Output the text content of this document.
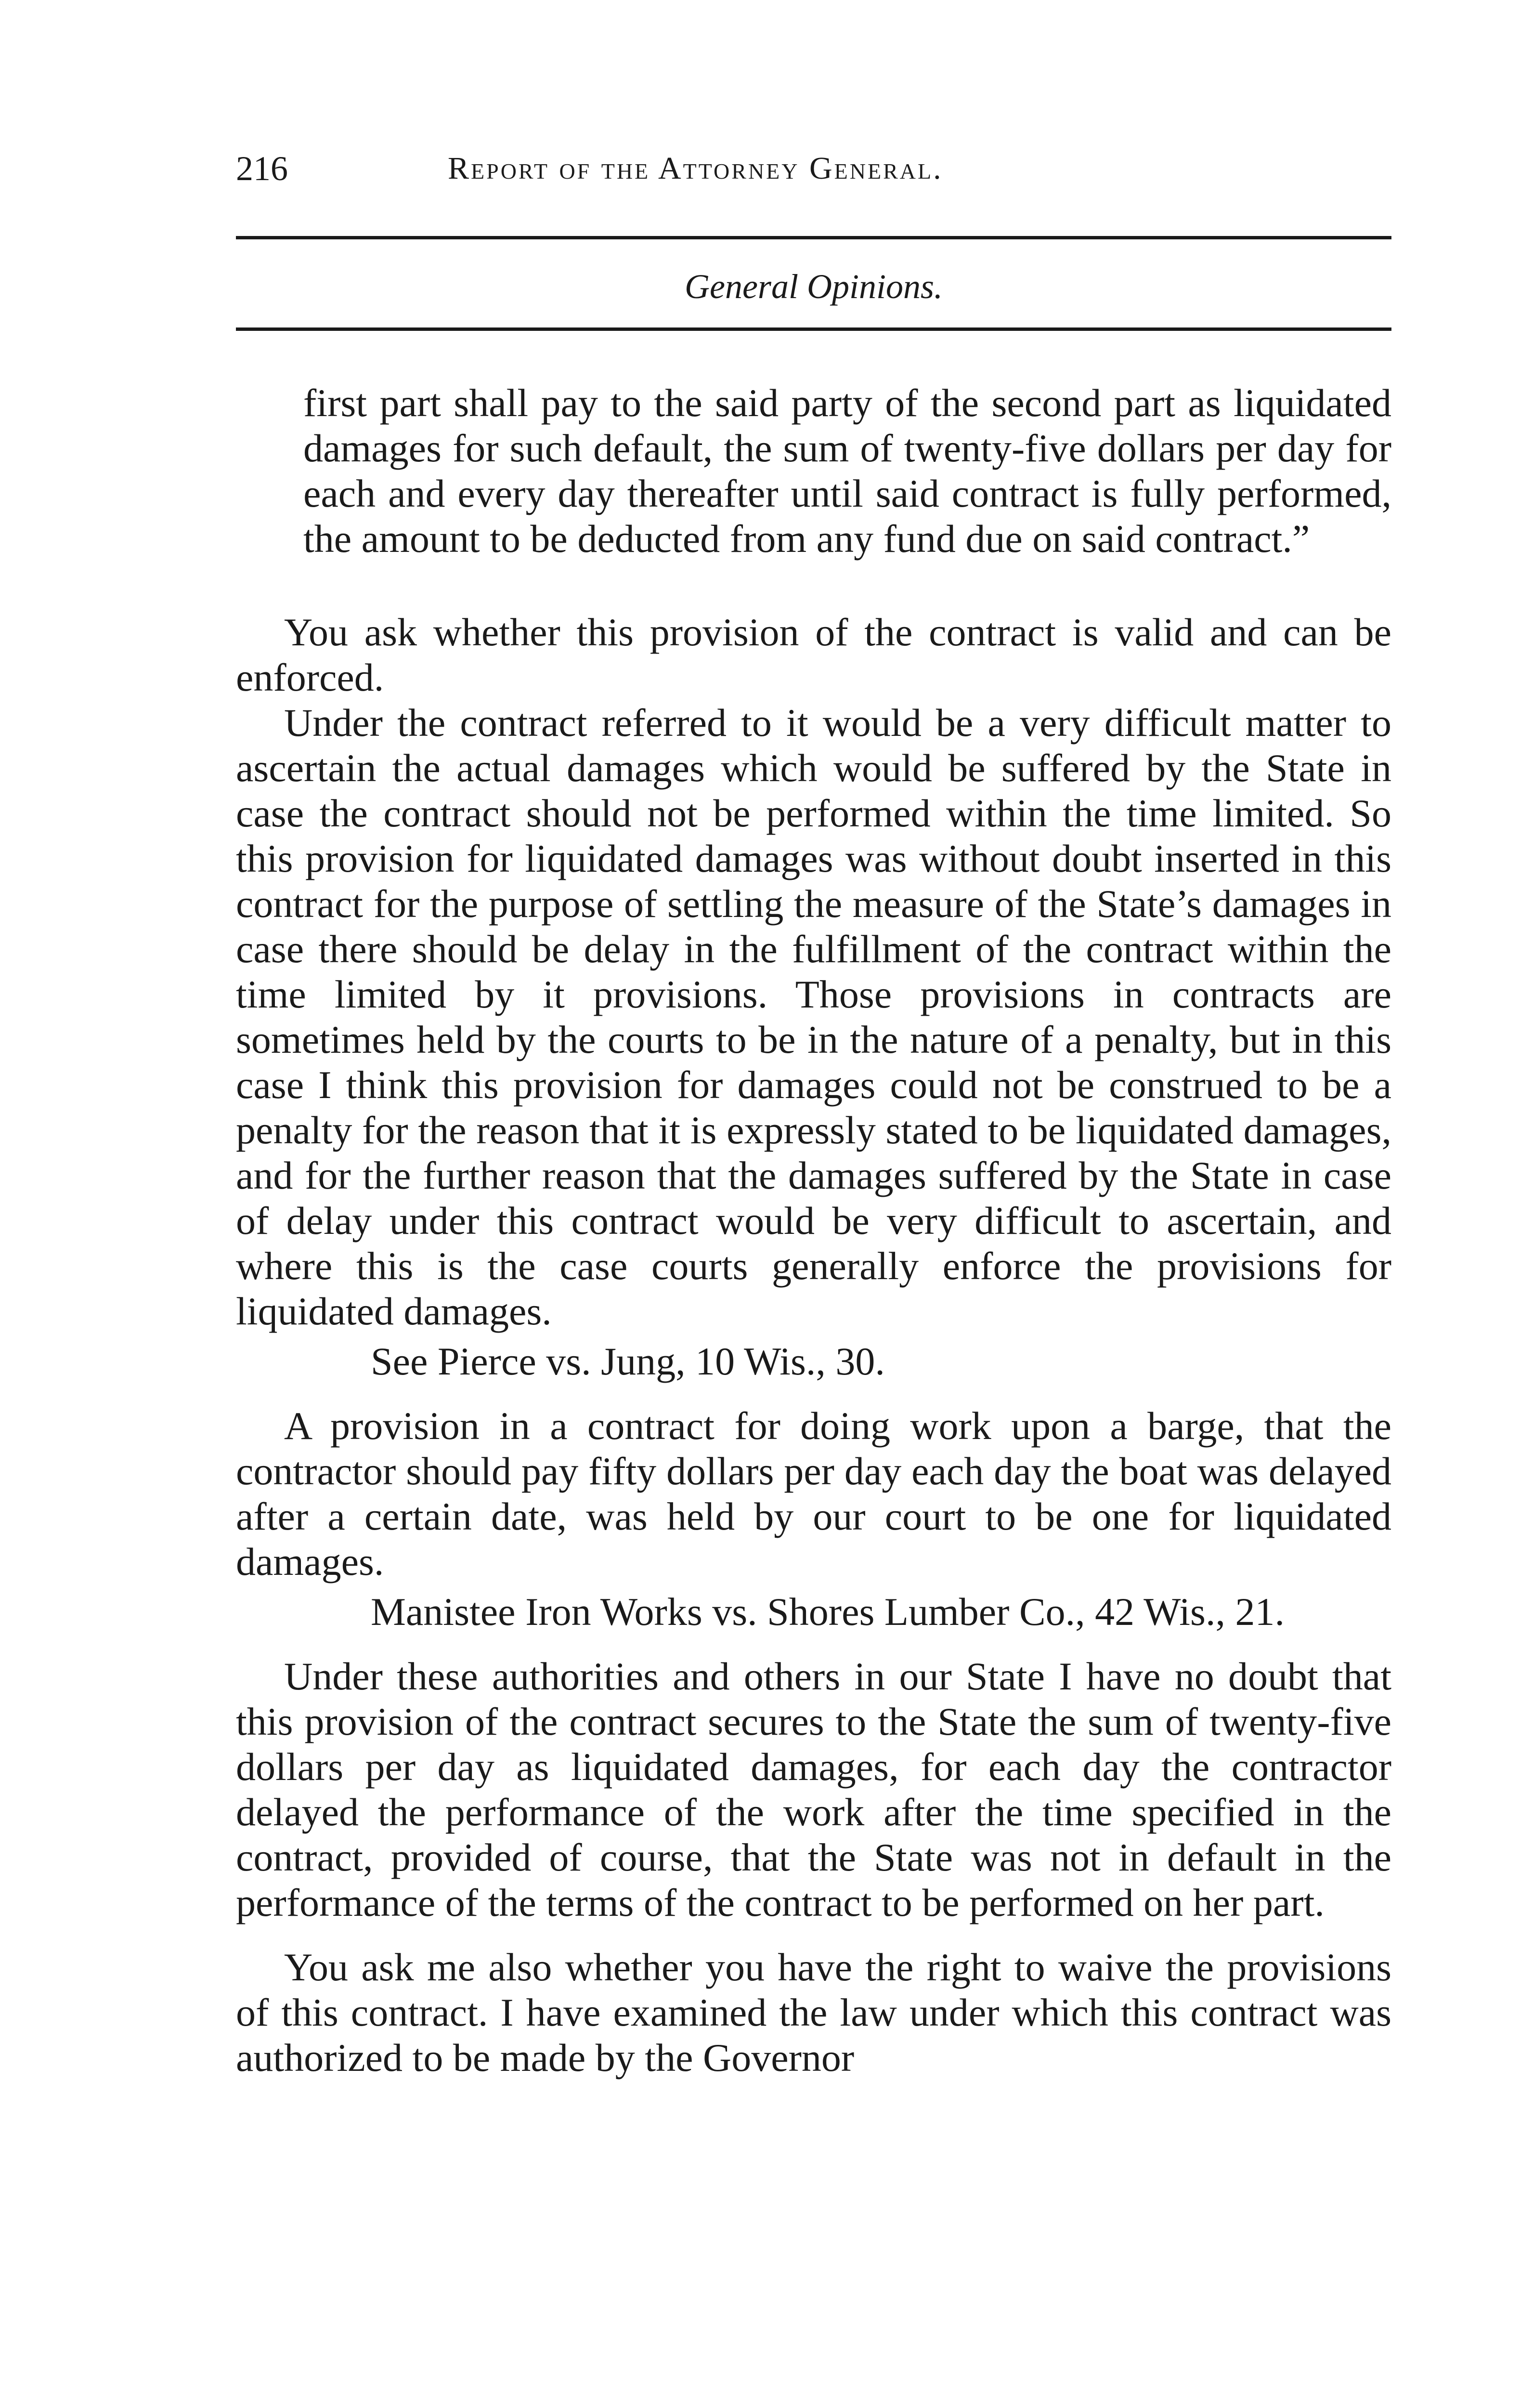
216	Report of the Attorney General.
General Opinions.

first part shall pay to the said party of the second part as liquidated damages for such default, the sum of twenty-five dollars per day for each and every day thereafter until said contract is fully performed, the amount to be deducted from any fund due on said contract.”

You ask whether this provision of the contract is valid and can be enforced.

Under the contract referred to it would be a very difficult matter to ascertain the actual damages which would be suffered by the State in case the contract should not be performed within the time limited. So this provision for liquidated damages was without doubt inserted in this contract for the purpose of settling the measure of the State’s damages in case there should be delay in the fulfillment of the contract within the time limited by it provisions. Those provisions in contracts are sometimes held by the courts to be in the nature of a penalty, but in this case I think this provision for damages could not be construed to be a penalty for the reason that it is expressly stated to be liquidated damages, and for the further reason that the damages suffered by the State in case of delay under this contract would be very difficult to ascertain, and where this is the case courts generally enforce the provisions for liquidated damages.

See Pierce vs. Jung, 10 Wis., 30.

A provision in a contract for doing work upon a barge, that the contractor should pay fifty dollars per day each day the boat was delayed after a certain date, was held by our court to be one for liquidated damages.

Manistee Iron Works vs. Shores Lumber Co., 42 Wis., 21.

Under these authorities and others in our State I have no doubt that this provision of the contract secures to the State the sum of twenty-five dollars per day as liquidated damages, for each day the contractor delayed the performance of the work after the time specified in the contract, provided of course, that the State was not in default in the performance of the terms of the contract to be performed on her part.

You ask me also whether you have the right to waive the provisions of this contract. I have examined the law under which this contract was authorized to be made by the Governor
